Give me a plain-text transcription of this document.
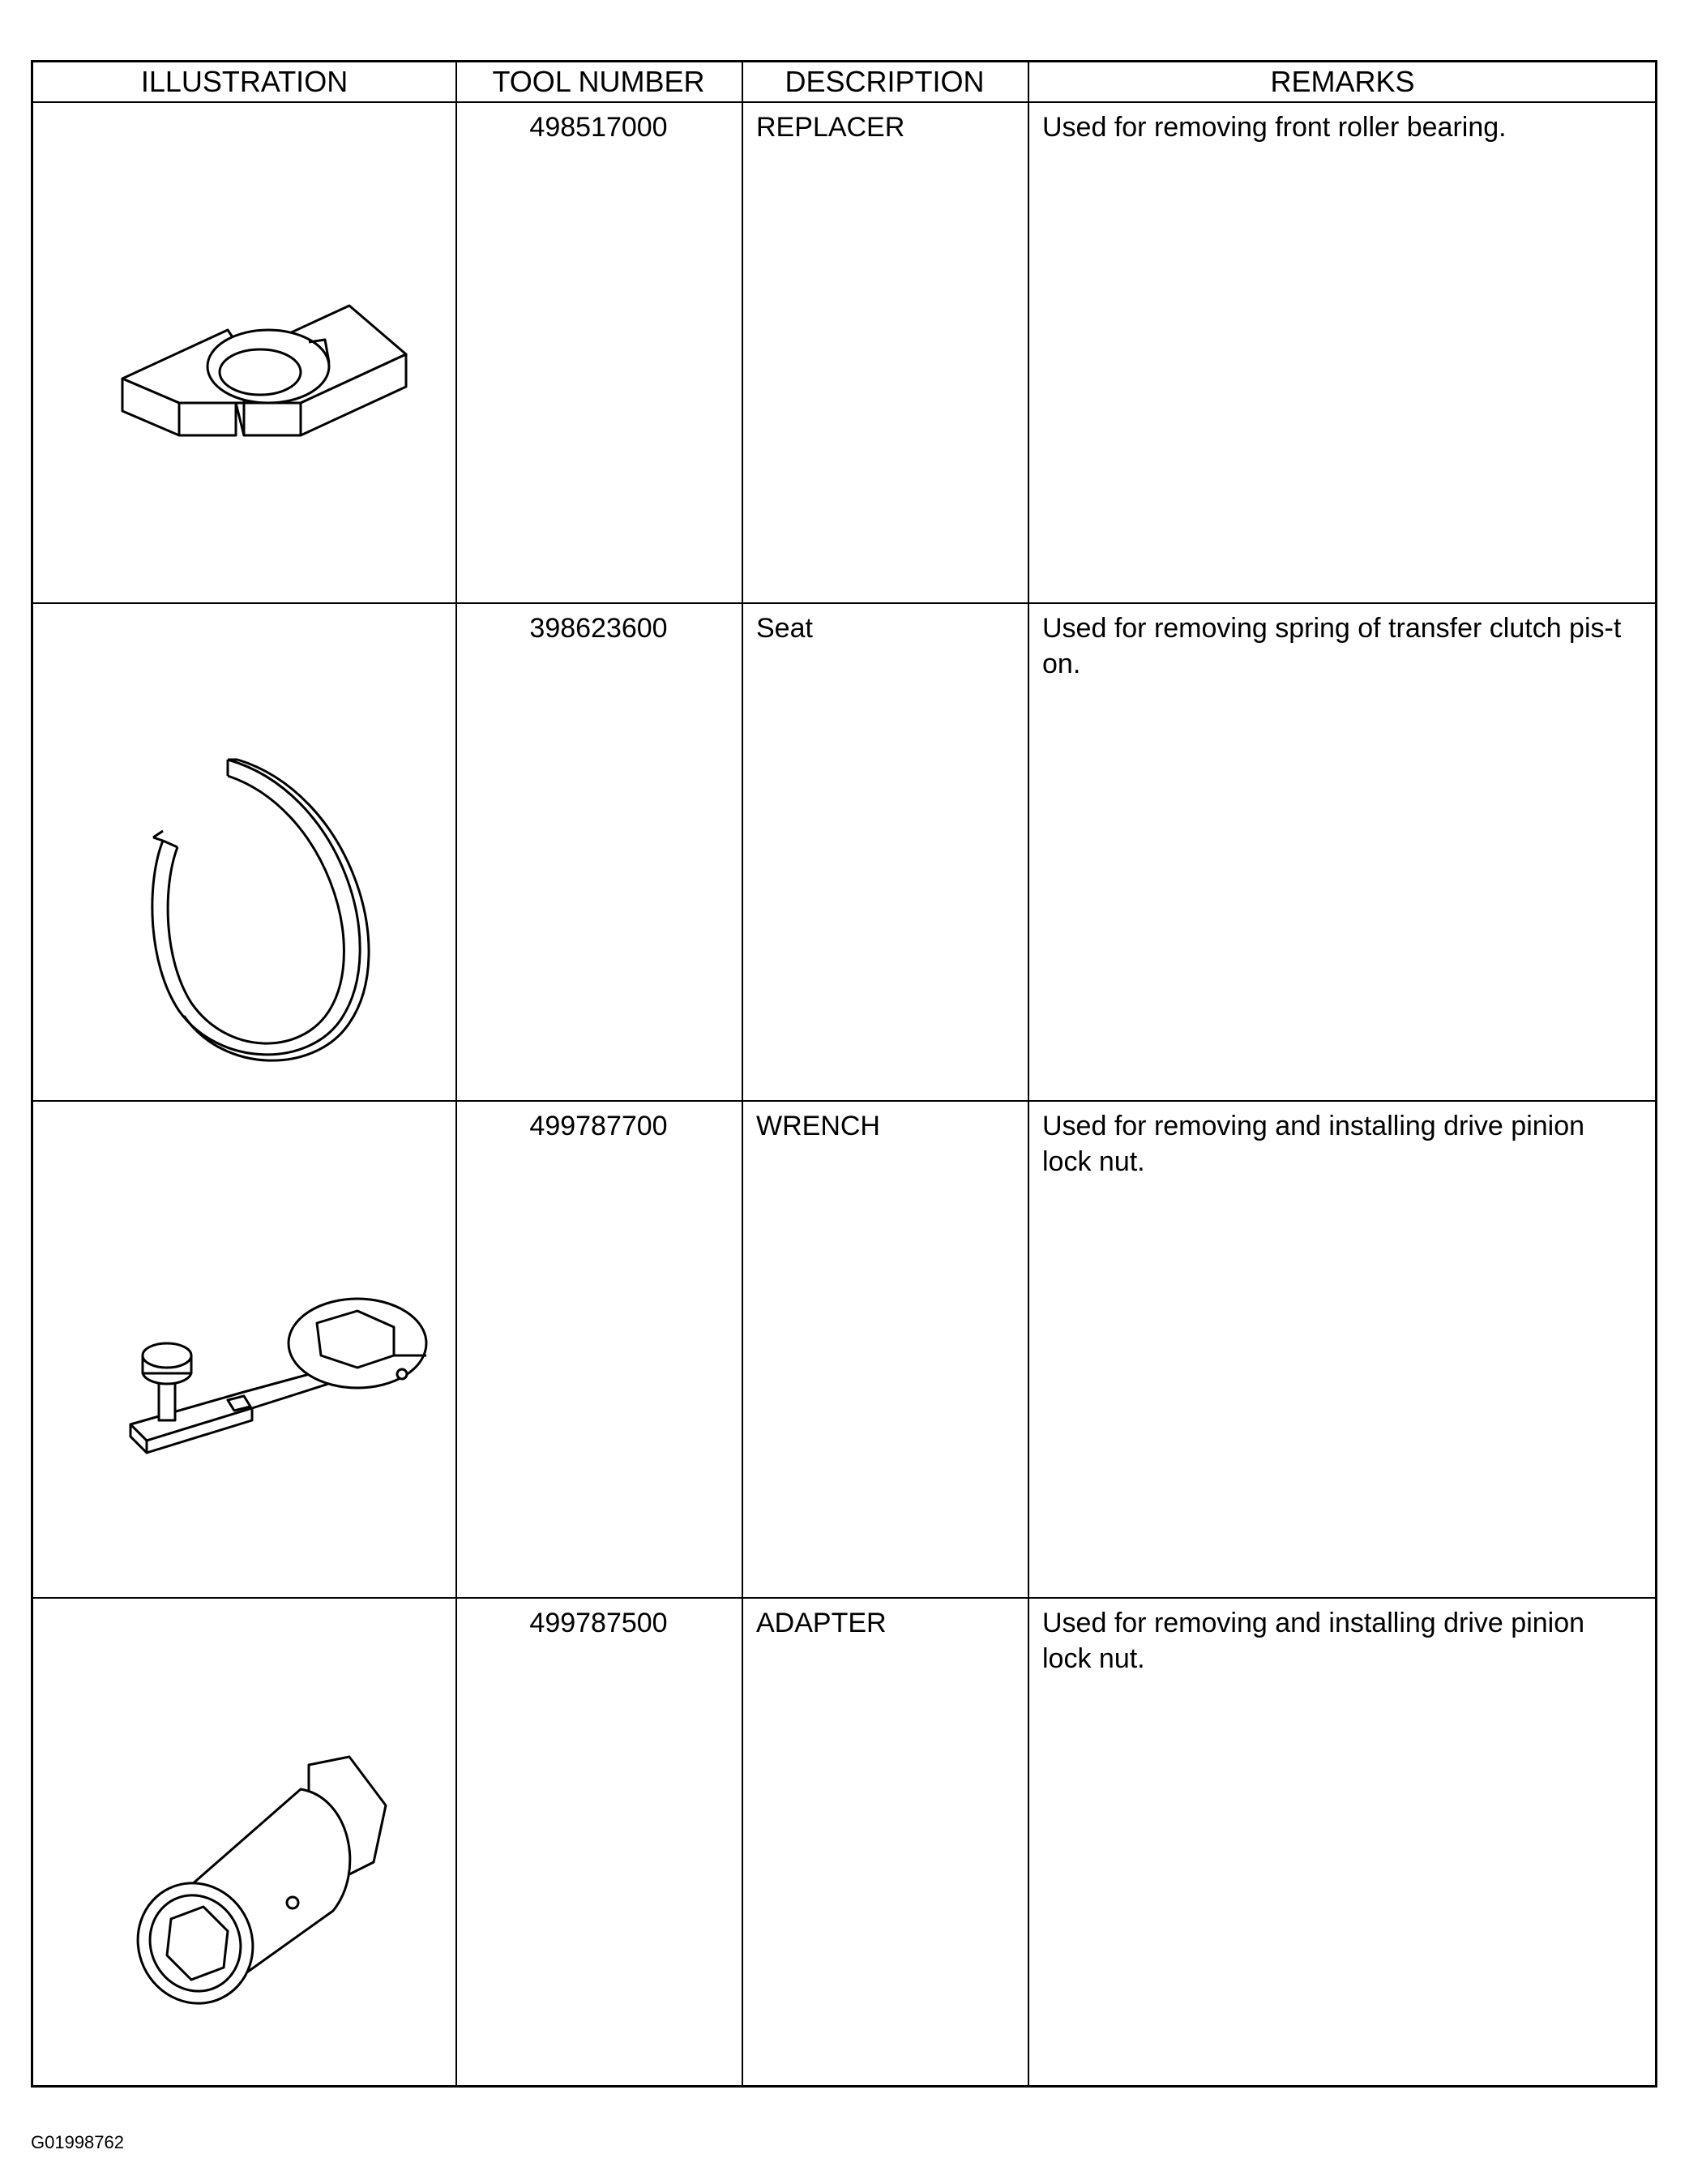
ILLUSTRATION	TOOL NUMBER	DESCRIPTION	REMARKS
498517000	REPLACER	Used for removing front roller bearing.
398623600	Seat	Used for removing spring of transfer clutch pis-ton.
499787700	WRENCH	Used for removing and installing drive pinion lock nut.
499787500	ADAPTER	Used for removing and installing drive pinion lock nut.
G01998762
